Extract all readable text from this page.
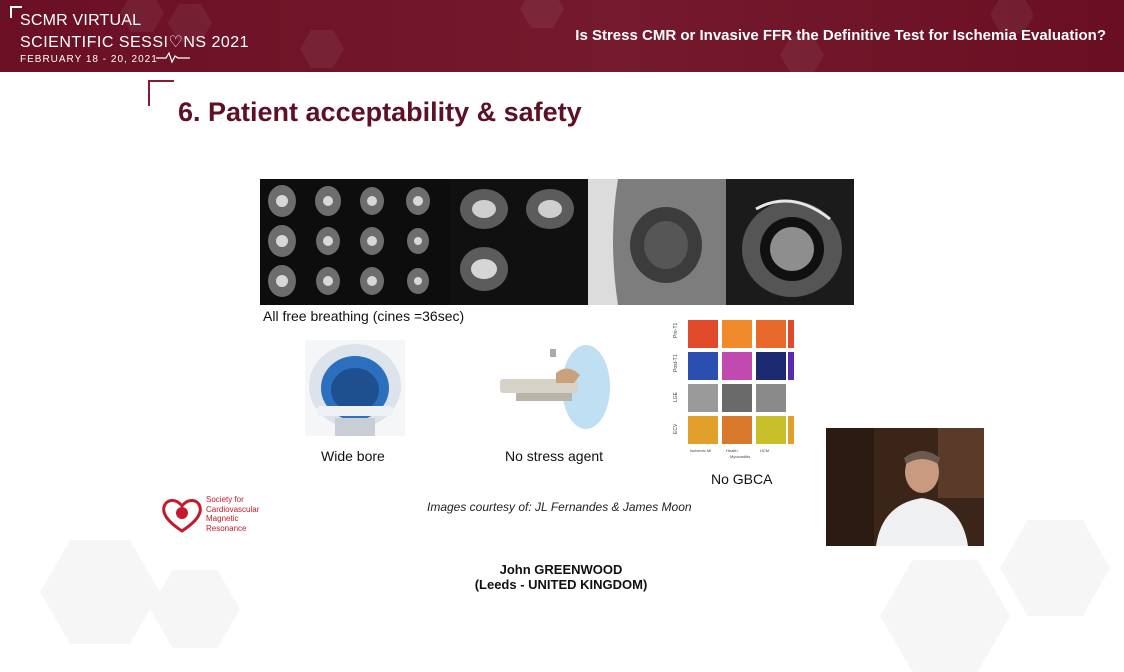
SCMR VIRTUAL
SCIENTIFIC SESSI♡NS 2021
FEBRUARY 18 - 20, 2021
Is Stress CMR or Invasive FFR the Definitive Test for Ischemia Evaluation?
6. Patient acceptability & safety
All free breathing (cines =36sec)
Wide bore	No stress agent
Pre-T1
Post-T1
LGE
ECV
Ischemic MI	Health	HCM
Myocarditis
No GBCA
Images courtesy of: JL Fernandes & James Moon
Society for
Cardiovascular
Magnetic
Resonance
John GREENWOOD
(Leeds - UNITED KINGDOM)
